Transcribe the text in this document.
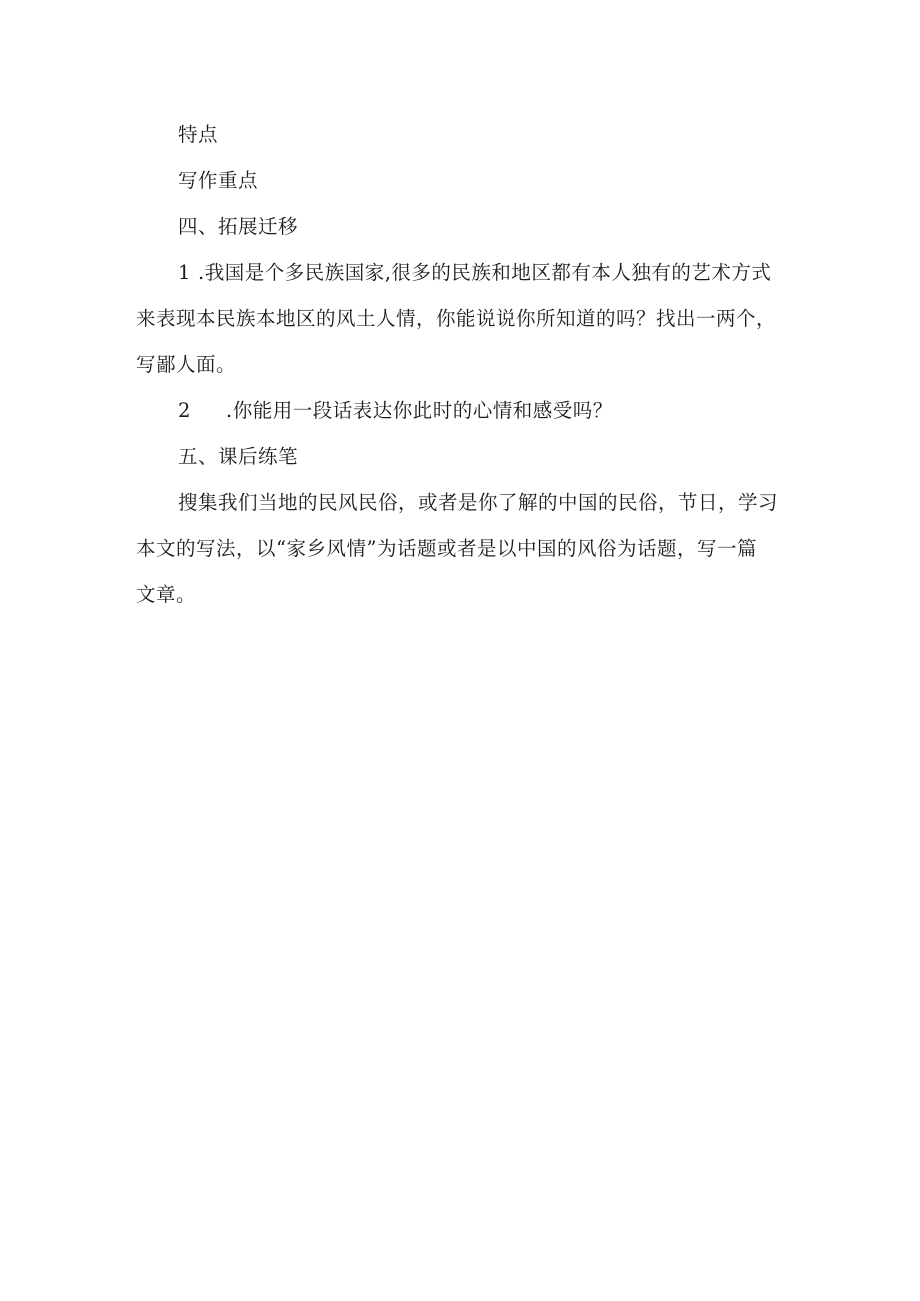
特点
写作重点
四、拓展迁移
1 .我国是个多民族国家,很多的民族和地区都有本人独有的艺术方式
来表现本民族本地区的风土人情，你能说说你所知道的吗？找出一两个，
写鄙人面。
2 .你能用一段话表达你此时的心情和感受吗？
五、课后练笔
搜集我们当地的民风民俗，或者是你了解的中国的民俗，节日，学习
本文的写法，以“家乡风情”为话题或者是以中国的风俗为话题，写一篇
文章。
